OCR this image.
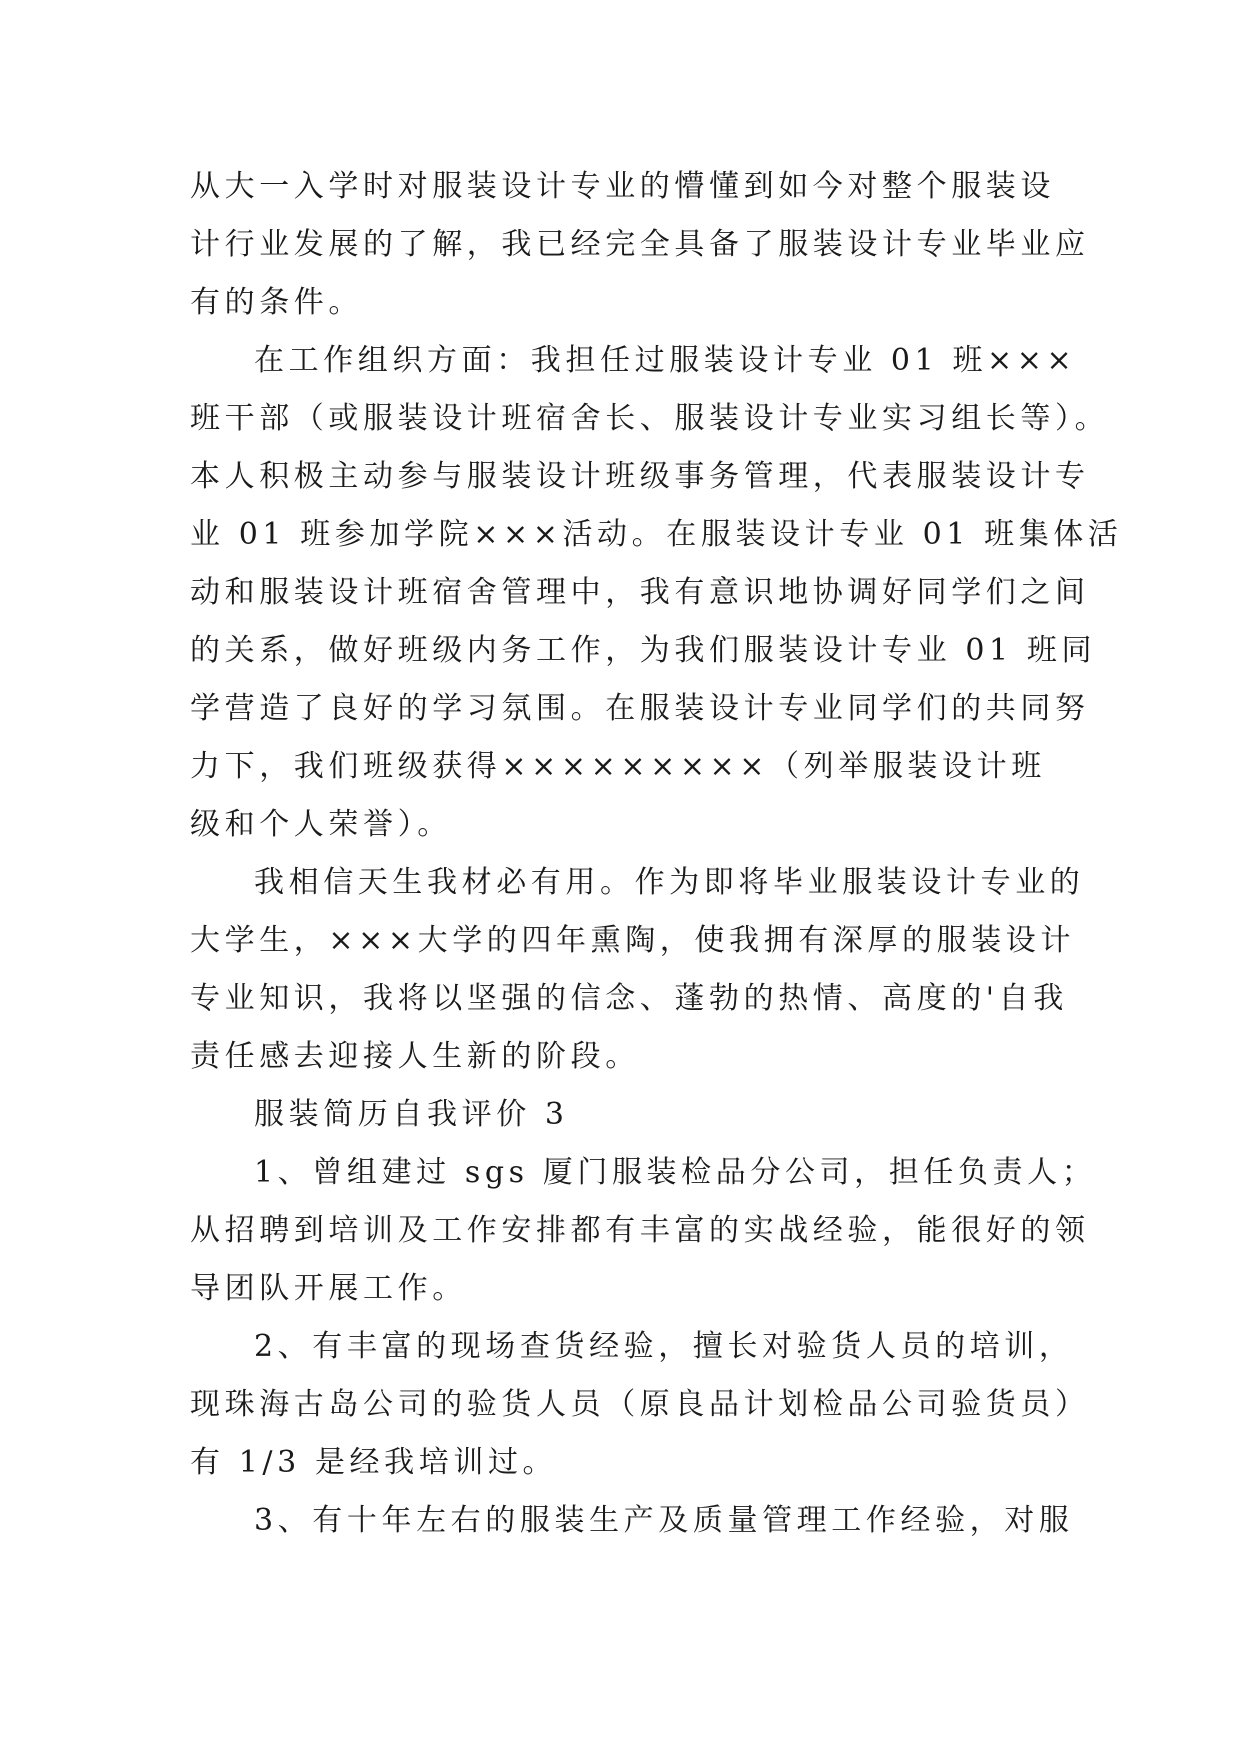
从大一入学时对服装设计专业的懵懂到如今对整个服装设
计行业发展的了解，我已经完全具备了服装设计专业毕业应
有的条件。

在工作组织方面：我担任过服装设计专业 01 班×××
班干部（或服装设计班宿舍长、服装设计专业实习组长等）。
本人积极主动参与服装设计班级事务管理，代表服装设计专
业 01 班参加学院×××活动。在服装设计专业 01 班集体活
动和服装设计班宿舍管理中，我有意识地协调好同学们之间
的关系，做好班级内务工作，为我们服装设计专业 01 班同
学营造了良好的学习氛围。在服装设计专业同学们的共同努
力下，我们班级获得×××××××××（列举服装设计班
级和个人荣誉）。

我相信天生我材必有用。作为即将毕业服装设计专业的
大学生，×××大学的四年熏陶，使我拥有深厚的服装设计
专业知识，我将以坚强的信念、蓬勃的热情、高度的'自我
责任感去迎接人生新的阶段。

服装简历自我评价 3

1、曾组建过 sgs 厦门服装检品分公司，担任负责人；
从招聘到培训及工作安排都有丰富的实战经验，能很好的领
导团队开展工作。

2、有丰富的现场查货经验，擅长对验货人员的培训，
现珠海古岛公司的验货人员（原良品计划检品公司验货员）
有 1/3 是经我培训过。

3、有十年左右的服装生产及质量管理工作经验，对服
